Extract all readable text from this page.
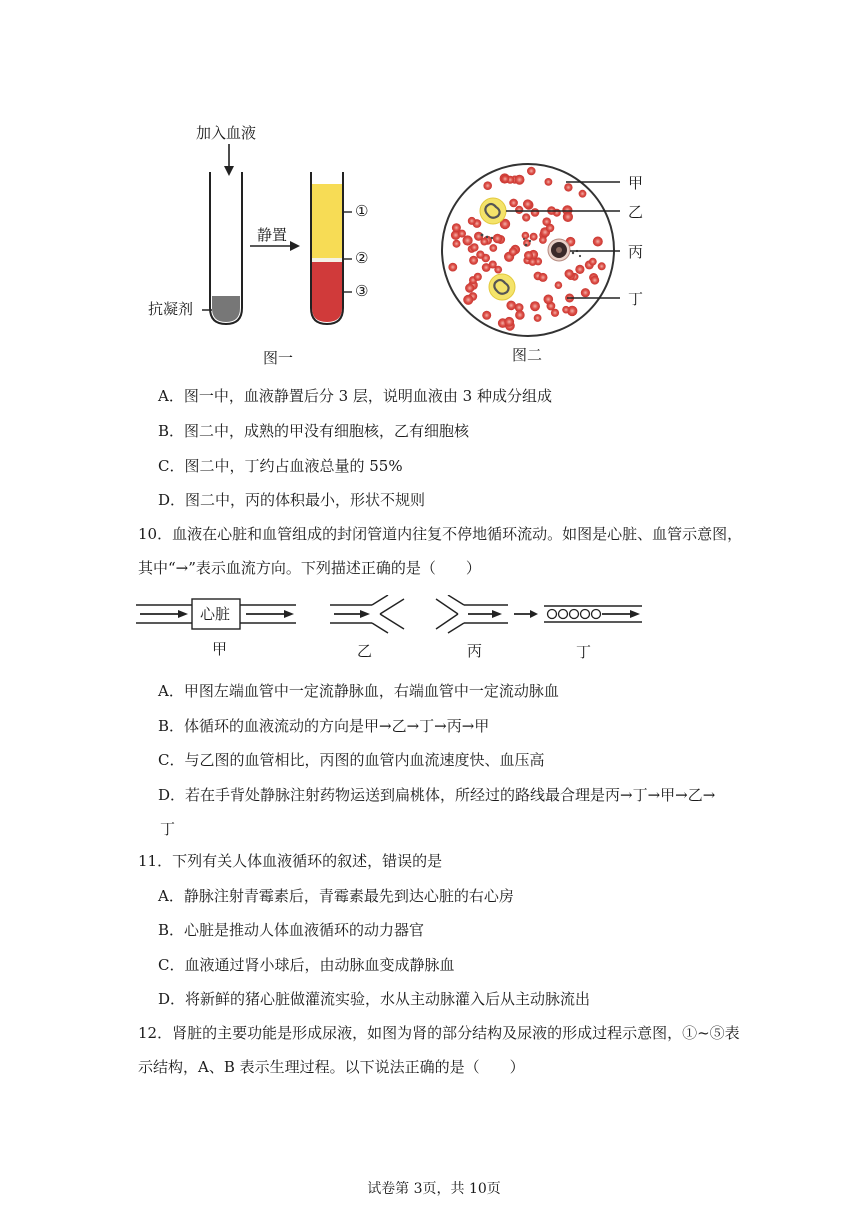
加入血液
静置
抗凝剂
①
②
③
图一
甲
乙
丙
丁
图二
A．图一中，血液静置后分 3 层，说明血液由 3 种成分组成
B．图二中，成熟的甲没有细胞核，乙有细胞核
C．图二中，丁约占血液总量的 55%
D．图二中，丙的体积最小，形状不规则
10．血液在心脏和血管组成的封闭管道内往复不停地循环流动。如图是心脏、血管示意图，
其中“→”表示血流方向。下列描述正确的是（　　）
心脏
甲	乙	丙	丁
A．甲图左端血管中一定流静脉血，右端血管中一定流动脉血
B．体循环的血液流动的方向是甲→乙→丁→丙→甲
C．与乙图的血管相比，丙图的血管内血流速度快、血压高
D．若在手背处静脉注射药物运送到扁桃体，所经过的路线最合理是丙→丁→甲→乙→
丁
11．下列有关人体血液循环的叙述，错误的是
A．静脉注射青霉素后，青霉素最先到达心脏的右心房
B．心脏是推动人体血液循环的动力器官
C．血液通过肾小球后，由动脉血变成静脉血
D．将新鲜的猪心脏做灌流实验，水从主动脉灌入后从主动脉流出
12．肾脏的主要功能是形成尿液，如图为肾的部分结构及尿液的形成过程示意图，①~⑤表
示结构，A、B 表示生理过程。以下说法正确的是（　　）
试卷第 3页，共 10页
